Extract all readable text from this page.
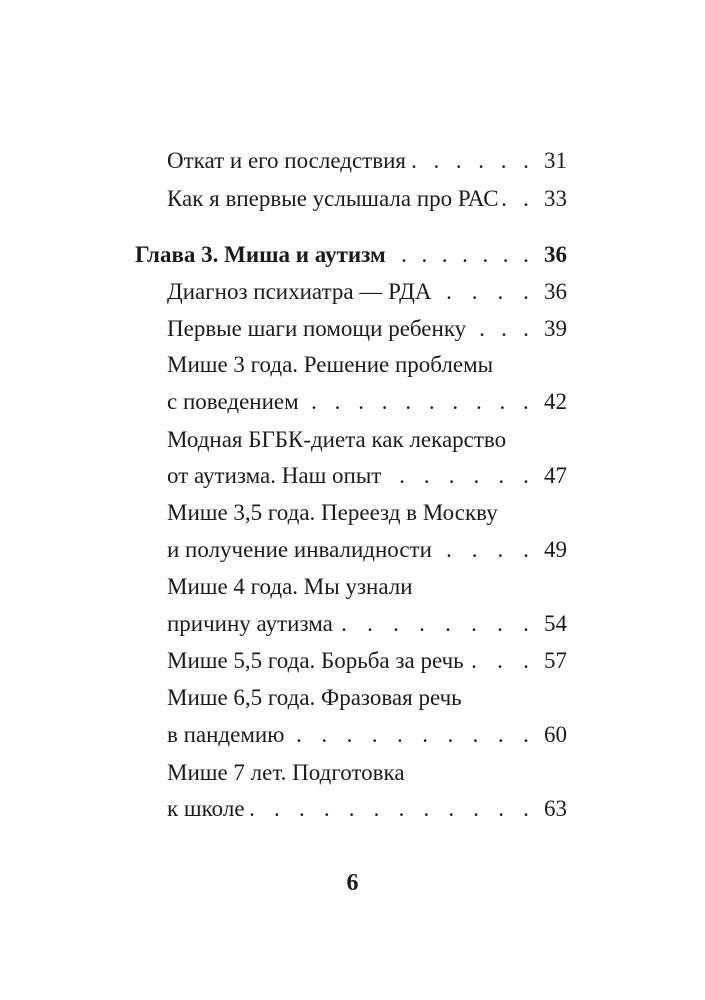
Откат и его последствия . . . . . . 31
Как я впервые услышала про РАС . . 33
Глава 3. Миша и аутизм . . . . . . . 36
Диагноз психиатра — РДА . . . . 36
Первые шаги помощи ребенку . . . 39
Мише 3 года. Решение проблемы
с поведением . . . . . . . . . . 42
Модная БГБК-диета как лекарство
от аутизма. Наш опыт . . . . . . 47
Мише 3,5 года. Переезд в Москву
и получение инвалидности . . . . 49
Мише 4 года. Мы узнали
причину аутизма . . . . . . . . 54
Мише 5,5 года. Борьба за речь . . . 57
Мише 6,5 года. Фразовая речь
в пандемию . . . . . . . . . . 60
Мише 7 лет. Подготовка
к школе . . . . . . . . . . . . 63
6
